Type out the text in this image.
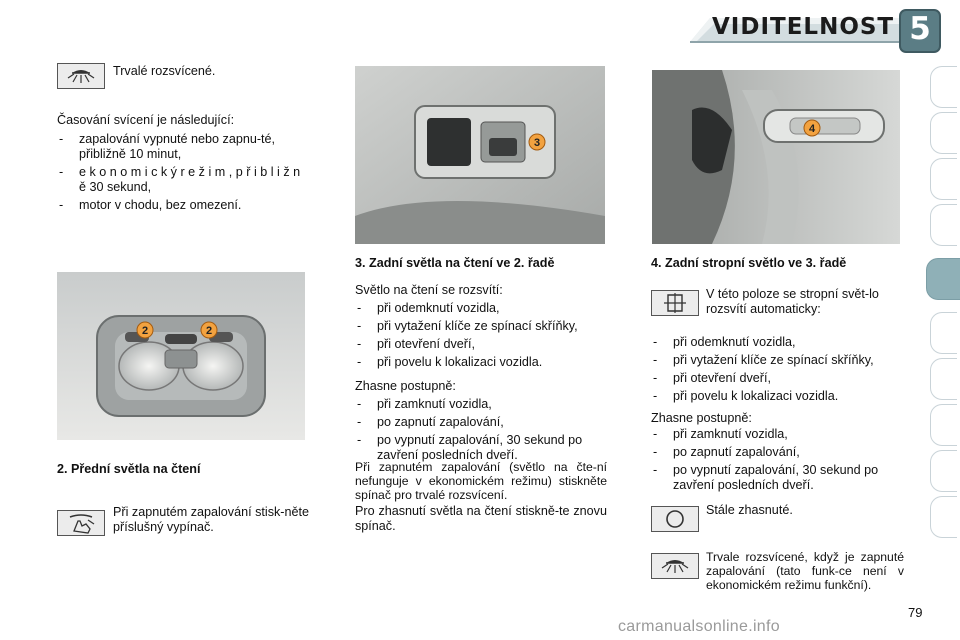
VIDITELNOST 5
Trvalé rozsvícené.
Časování svícení je následující:
- zapalování vypnuté nebo zapnu-té, přibližně 10 minut,
- e k o n o m i c k ý r e ž i m , p ř i b l i ž n ě 30 sekund,
- motor v chodu, bez omezení.
2	2
2. Přední světla na čtení
Při zapnutém zapalování stisk-něte příslušný vypínač.
3
3. Zadní světla na čtení ve 2. řadě
Světlo na čtení se rozsvítí:
- při odemknutí vozidla,
- při vytažení klíče ze spínací skříňky,
- při otevření dveří,
- při povelu k lokalizaci vozidla.
Zhasne postupně:
- při zamknutí vozidla,
- po zapnutí zapalování,
- po vypnutí zapalování, 30 sekund po zavření posledních dveří.
Při zapnutém zapalování (světlo na čte-ní nefunguje v ekonomickém režimu) stiskněte spínač pro trvalé rozsvícení.
Pro zhasnutí světla na čtení stiskně-te znovu spínač.
4
4. Zadní stropní světlo ve 3. řadě
V této poloze se stropní svět-lo rozsvítí automaticky:
- při odemknutí vozidla,
- při vytažení klíče ze spínací skříňky,
- při otevření dveří,
- při povelu k lokalizaci vozidla.
Zhasne postupně:
- při zamknutí vozidla,
- po zapnutí zapalování,
- po vypnutí zapalování, 30 sekund po zavření posledních dveří.
Stále zhasnuté.
Trvale rozsvícené, když je zapnuté zapalování (tato funk-ce není v ekonomickém režimu funkční).
79
carmanualsonline.info
